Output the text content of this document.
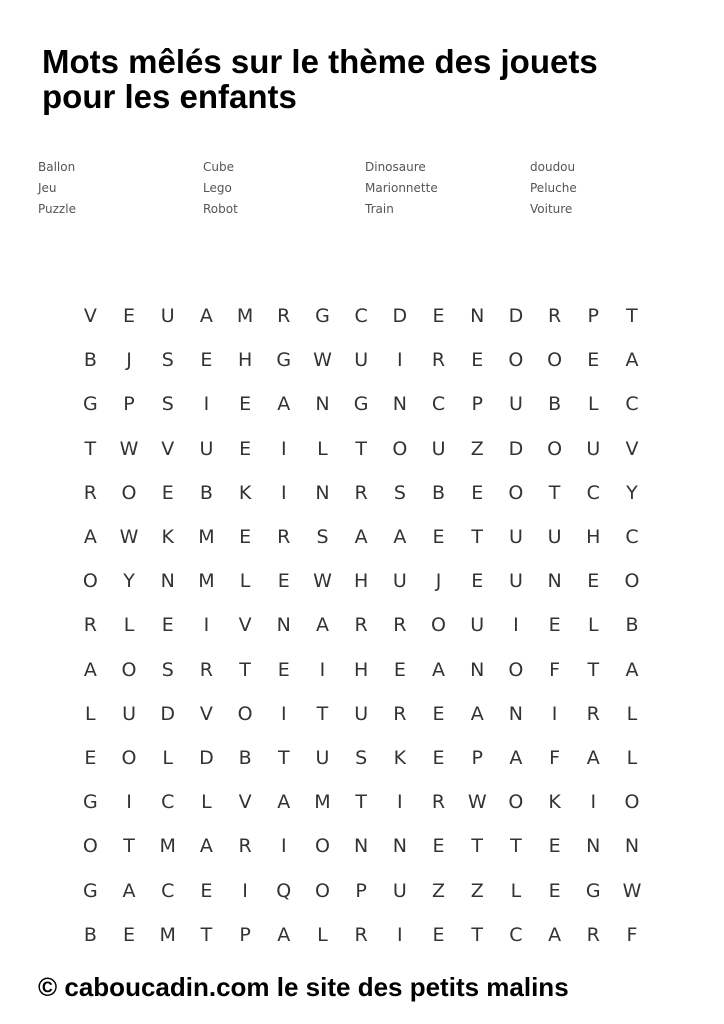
Mots mêlés sur le thème des jouets
pour les enfants
Ballon	Cube	Dinosaure	doudou
Jeu	Lego	Marionnette	Peluche
Puzzle	Robot	Train	Voiture
V	E	U	A	M	R	G	C	D	E	N	D	R	P	T
B	J	S	E	H	G	W	U	I	R	E	O	O	E	A
G	P	S	I	E	A	N	G	N	C	P	U	B	L	C
T	W	V	U	E	I	L	T	O	U	Z	D	O	U	V
R	O	E	B	K	I	N	R	S	B	E	O	T	C	Y
A	W	K	M	E	R	S	A	A	E	T	U	U	H	C
O	Y	N	M	L	E	W	H	U	J	E	U	N	E	O
R	L	E	I	V	N	A	R	R	O	U	I	E	L	B
A	O	S	R	T	E	I	H	E	A	N	O	F	T	A
L	U	D	V	O	I	T	U	R	E	A	N	I	R	L
E	O	L	D	B	T	U	S	K	E	P	A	F	A	L
G	I	C	L	V	A	M	T	I	R	W	O	K	I	O
O	T	M	A	R	I	O	N	N	E	T	T	E	N	N
G	A	C	E	I	Q	O	P	U	Z	Z	L	E	G	W
B	E	M	T	P	A	L	R	I	E	T	C	A	R	F
© caboucadin.com le site des petits malins
